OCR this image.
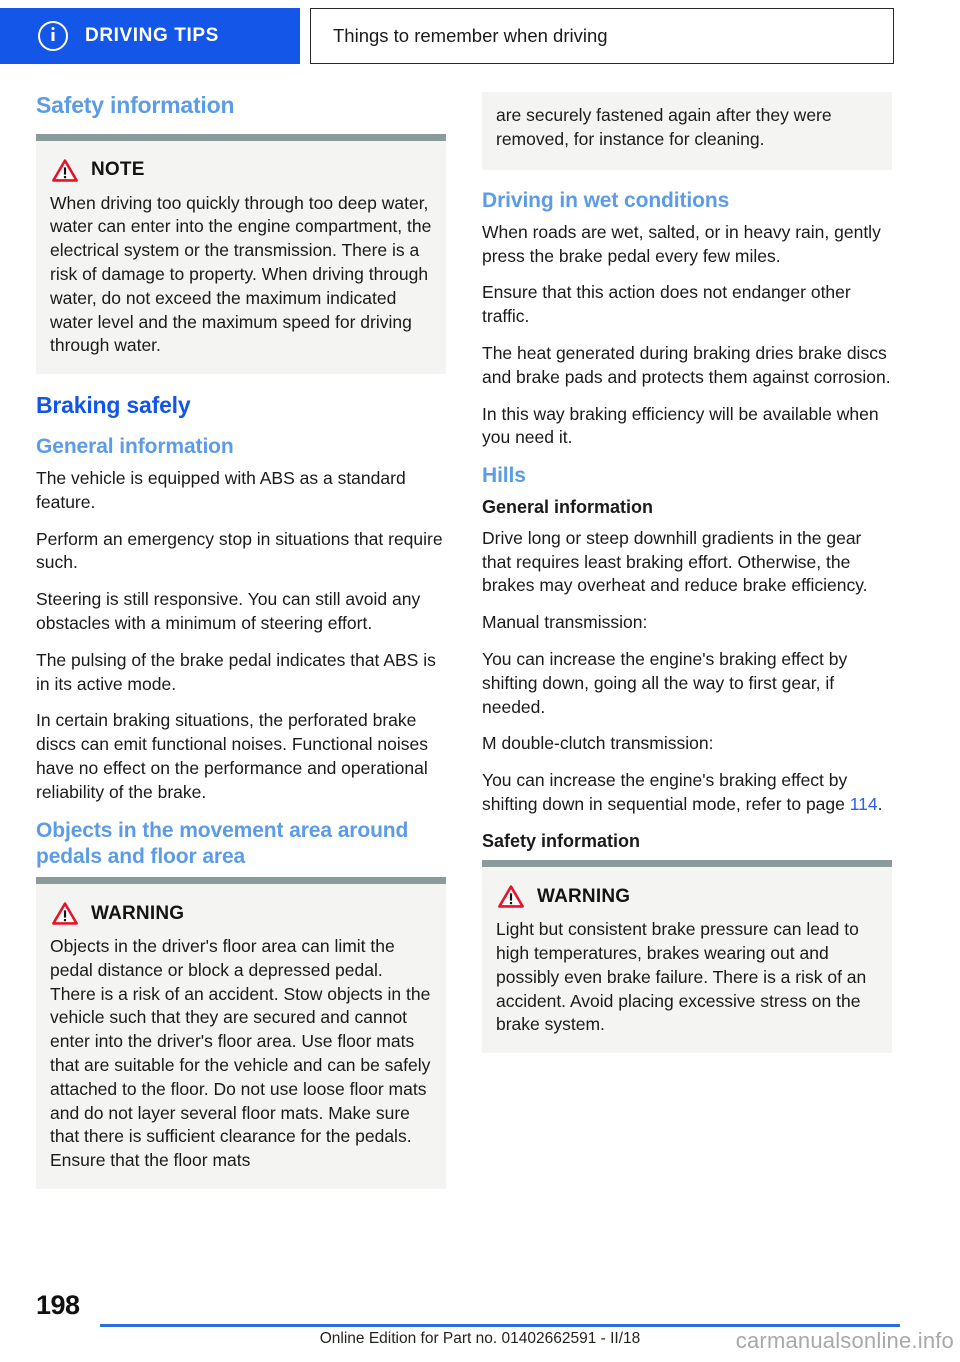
DRIVING TIPS	Things to remember when driving
Safety information
NOTE

When driving too quickly through too deep water, water can enter into the engine compartment, the electrical system or the transmission. There is a risk of damage to property. When driving through water, do not exceed the maximum indicated water level and the maximum speed for driving through water.

Braking safely
General information

The vehicle is equipped with ABS as a standard feature.

Perform an emergency stop in situations that require such.

Steering is still responsive. You can still avoid any obstacles with a minimum of steering effort.

The pulsing of the brake pedal indicates that ABS is in its active mode.

In certain braking situations, the perforated brake discs can emit functional noises. Functional noises have no effect on the performance and operational reliability of the brake.

Objects in the movement area around pedals and floor area
WARNING

Objects in the driver's floor area can limit the pedal distance or block a depressed pedal. There is a risk of an accident. Stow objects in the vehicle such that they are secured and cannot enter into the driver's floor area. Use floor mats that are suitable for the vehicle and can be safely attached to the floor. Do not use loose floor mats and do not layer several floor mats. Make sure that there is sufficient clearance for the pedals. Ensure that the floor mats

are securely fastened again after they were removed, for instance for cleaning.

Driving in wet conditions

When roads are wet, salted, or in heavy rain, gently press the brake pedal every few miles.

Ensure that this action does not endanger other traffic.

The heat generated during braking dries brake discs and brake pads and protects them against corrosion.

In this way braking efficiency will be available when you need it.

Hills
General information

Drive long or steep downhill gradients in the gear that requires least braking effort. Otherwise, the brakes may overheat and reduce brake efficiency.

Manual transmission:

You can increase the engine's braking effect by shifting down, going all the way to first gear, if needed.

M double-clutch transmission:

You can increase the engine's braking effect by shifting down in sequential mode, refer to page 114.

Safety information
WARNING

Light but consistent brake pressure can lead to high temperatures, brakes wearing out and possibly even brake failure. There is a risk of an accident. Avoid placing excessive stress on the brake system.

198
Online Edition for Part no. 01402662591 - II/18	carmanualsonline.info
